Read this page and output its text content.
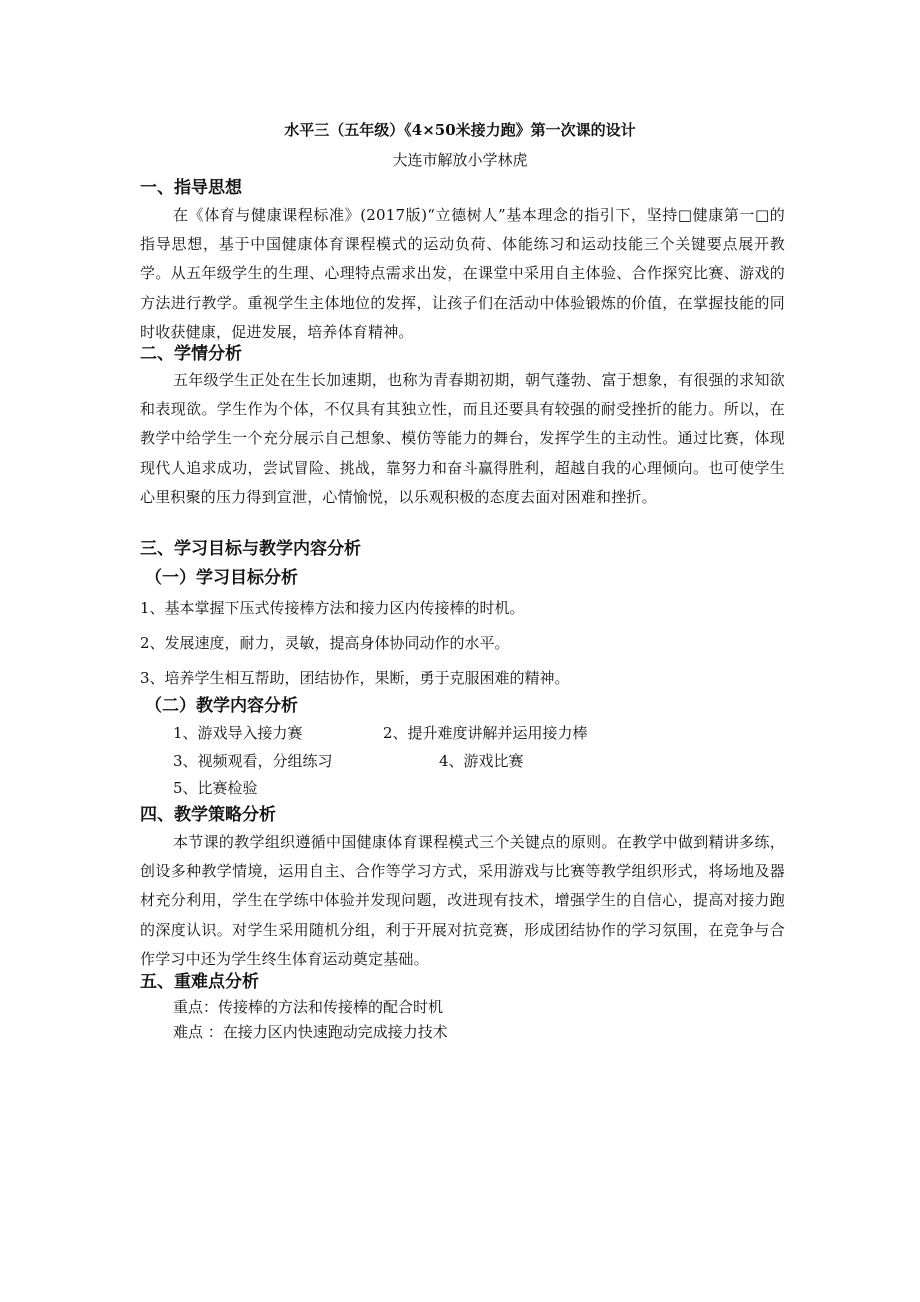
水平三（五年级）《4×50米接力跑》第一次课的设计
大连市解放小学林虎
一、指导思想

在《体育与健康课程标准》(2017版)“立德树人”基本理念的指引下，坚持□健康第一□的指导思想，基于中国健康体育课程模式的运动负荷、体能练习和运动技能三个关键要点展开教学。从五年级学生的生理、心理特点需求出发，在课堂中采用自主体验、合作探究比赛、游戏的方法进行教学。重视学生主体地位的发挥，让孩子们在活动中体验锻炼的价值，在掌握技能的同时收获健康，促进发展，培养体育精神。

二、学情分析

五年级学生正处在生长加速期，也称为青春期初期，朝气蓬勃、富于想象，有很强的求知欲和表现欲。学生作为个体，不仅具有其独立性，而且还要具有较强的耐受挫折的能力。所以，在教学中给学生一个充分展示自己想象、模仿等能力的舞台，发挥学生的主动性。通过比赛，体现现代人追求成功，尝试冒险、挑战，靠努力和奋斗赢得胜利，超越自我的心理倾向。也可使学生心里积聚的压力得到宣泄，心情愉悦，以乐观积极的态度去面对困难和挫折。

三、学习目标与教学内容分析
（一）学习目标分析
1、基本掌握下压式传接棒方法和接力区内传接棒的时机。
2、发展速度，耐力，灵敏，提高身体协同动作的水平。
3、培养学生相互帮助，团结协作，果断，勇于克服困难的精神。
（二）教学内容分析
1、游戏导入接力赛	2、提升难度讲解并运用接力棒
3、视频观看，分组练习	4、游戏比赛
5、比赛检验
四、教学策略分析

本节课的教学组织遵循中国健康体育课程模式三个关键点的原则。在教学中做到精讲多练，创设多种教学情境，运用自主、合作等学习方式，采用游戏与比赛等教学组织形式，将场地及器材充分利用，学生在学练中体验并发现问题，改进现有技术，增强学生的自信心，提高对接力跑的深度认识。对学生采用随机分组，利于开展对抗竞赛，形成团结协作的学习氛围，在竞争与合作学习中还为学生终生体育运动奠定基础。

五、重难点分析
重点：传接棒的方法和传接棒的配合时机
难点 ：在接力区内快速跑动完成接力技术
